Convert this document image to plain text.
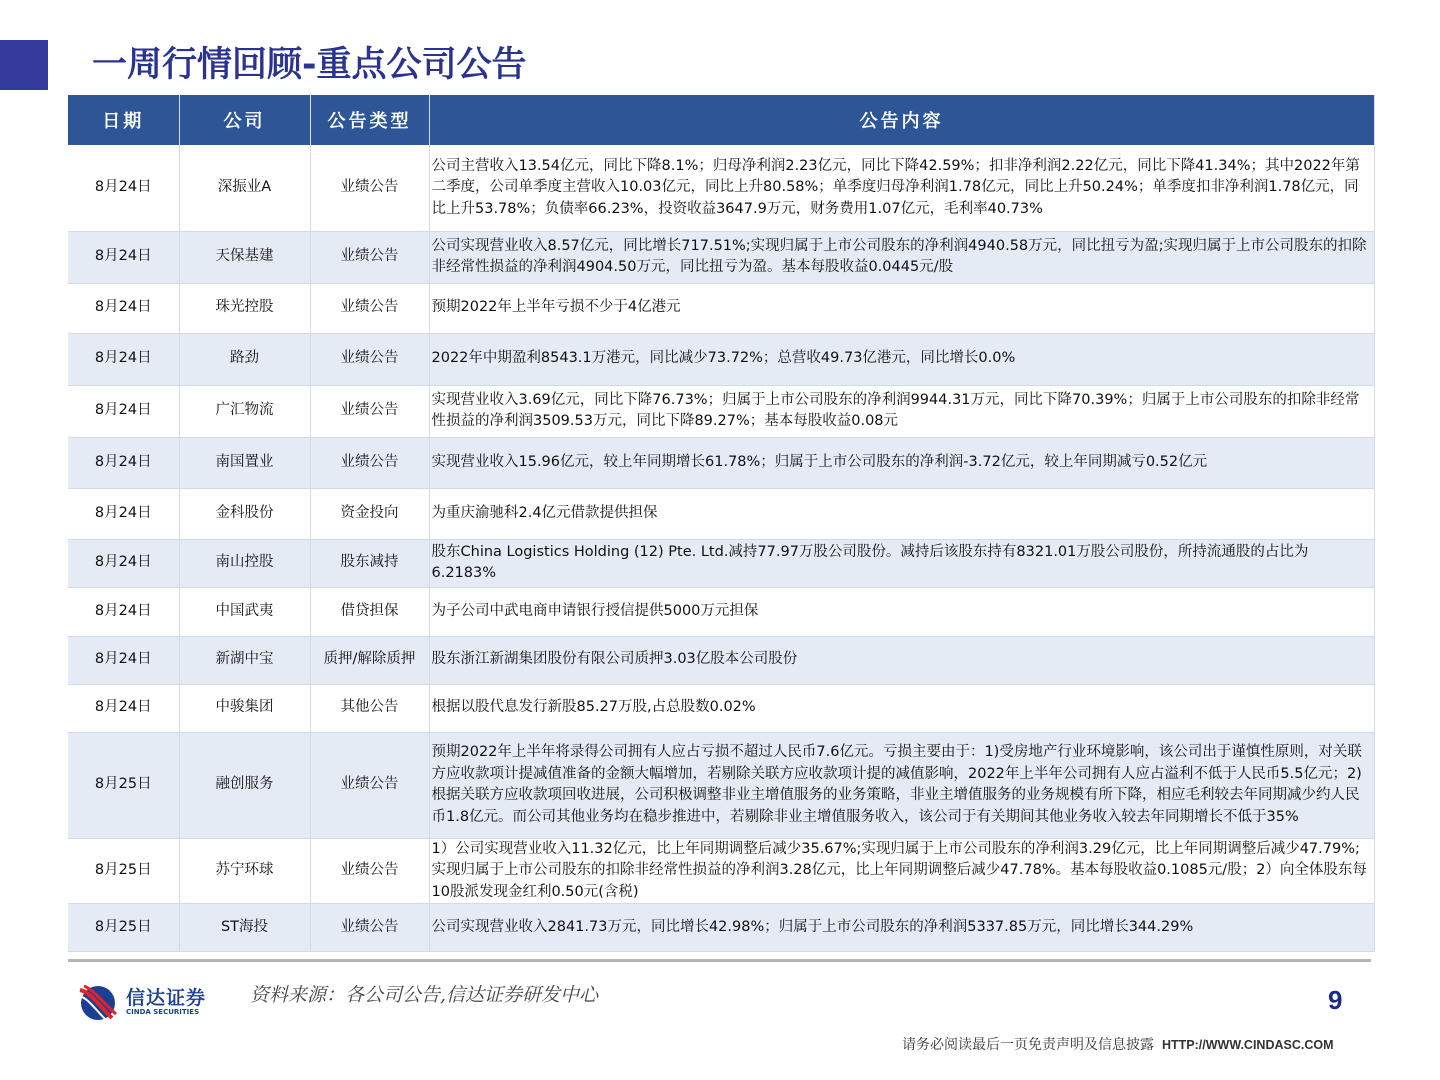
一周行情回顾-重点公司公告
日期	公司	公告类型	公告内容
8月24日	深振业A	业绩公告	公司主营收入13.54亿元，同比下降8.1%；归母净利润2.23亿元，同比下降42.59%；扣非净利润2.22亿元，同比下降41.34%；其中2022年第二季度，公司单季度主营收入10.03亿元，同比上升80.58%；单季度归母净利润1.78亿元，同比上升50.24%；单季度扣非净利润1.78亿元，同比上升53.78%；负债率66.23%，投资收益3647.9万元，财务费用1.07亿元，毛利率40.73%
8月24日	天保基建	业绩公告	公司实现营业收入8.57亿元，同比增长717.51%;实现归属于上市公司股东的净利润4940.58万元，同比扭亏为盈;实现归属于上市公司股东的扣除非经常性损益的净利润4904.50万元，同比扭亏为盈。基本每股收益0.0445元/股
8月24日	珠光控股	业绩公告	预期2022年上半年亏损不少于4亿港元
8月24日	路劲	业绩公告	2022年中期盈利8543.1万港元，同比减少73.72%；总营收49.73亿港元，同比增长0.0%
8月24日	广汇物流	业绩公告	实现营业收入3.69亿元，同比下降76.73%；归属于上市公司股东的净利润9944.31万元，同比下降70.39%；归属于上市公司股东的扣除非经常性损益的净利润3509.53万元，同比下降89.27%；基本每股收益0.08元
8月24日	南国置业	业绩公告	实现营业收入15.96亿元，较上年同期增长61.78%；归属于上市公司股东的净利润-3.72亿元，较上年同期减亏0.52亿元
8月24日	金科股份	资金投向	为重庆渝驰科2.4亿元借款提供担保
8月24日	南山控股	股东减持	股东China Logistics Holding (12) Pte. Ltd.减持77.97万股公司股份。减持后该股东持有8321.01万股公司股份，所持流通股的占比为6.2183%
8月24日	中国武夷	借贷担保	为子公司中武电商申请银行授信提供5000万元担保
8月24日	新湖中宝	质押/解除质押	股东浙江新湖集团股份有限公司质押3.03亿股本公司股份
8月24日	中骏集团	其他公告	根据以股代息发行新股85.27万股,占总股数0.02%
8月25日	融创服务	业绩公告	预期2022年上半年将录得公司拥有人应占亏损不超过人民币7.6亿元。亏损主要由于：1)受房地产行业环境影响，该公司出于谨慎性原则，对关联方应收款项计提减值准备的金额大幅增加，若剔除关联方应收款项计提的减值影响，2022年上半年公司拥有人应占溢利不低于人民币5.5亿元；2)根据关联方应收款项回收进展，公司积极调整非业主增值服务的业务策略，非业主增值服务的业务规模有所下降，相应毛利较去年同期减少约人民币1.8亿元。而公司其他业务均在稳步推进中，若剔除非业主增值服务收入，该公司于有关期间其他业务收入较去年同期增长不低于35%
8月25日	苏宁环球	业绩公告	1）公司实现营业收入11.32亿元，比上年同期调整后减少35.67%;实现归属于上市公司股东的净利润3.29亿元，比上年同期调整后减少47.79%;实现归属于上市公司股东的扣除非经常性损益的净利润3.28亿元，比上年同期调整后减少47.78%。基本每股收益0.1085元/股；2）向全体股东每10股派发现金红利0.50元(含税)
8月25日	ST海投	业绩公告	公司实现营业收入2841.73万元，同比增长42.98%；归属于上市公司股东的净利润5337.85万元，同比增长344.29%
信达证券
CINDA SECURITIES
资料来源：各公司公告,信达证券研发中心	9
请务必阅读最后一页免责声明及信息披露 HTTP://WWW.CINDASC.COM
